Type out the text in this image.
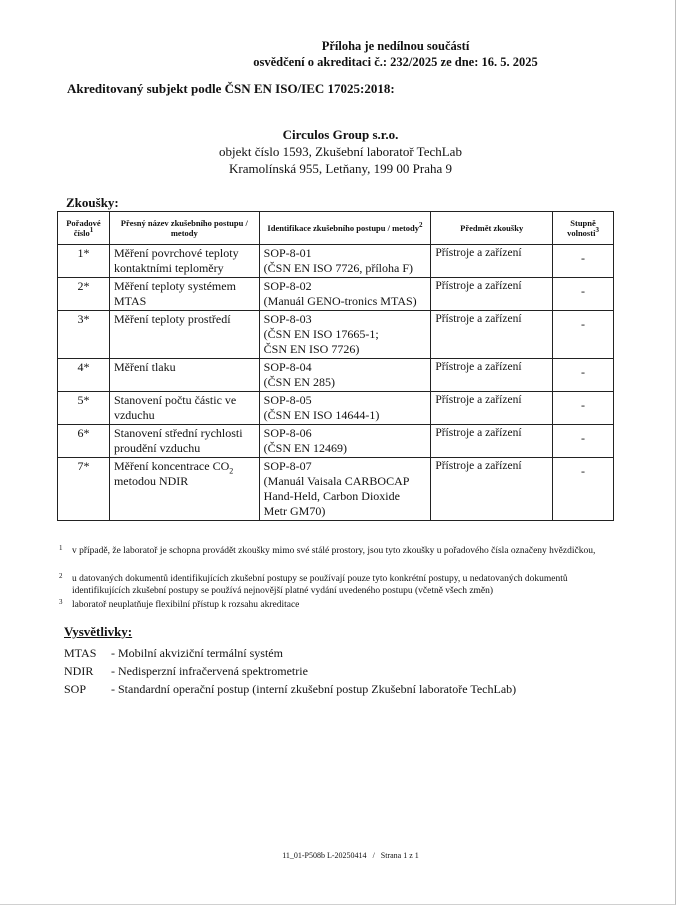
Příloha je nedílnou součástí
osvědčení o akreditaci č.: 232/2025 ze dne: 16. 5. 2025
Akreditovaný subjekt podle ČSN EN ISO/IEC 17025:2018:
Circulos Group s.r.o.
objekt číslo 1593, Zkušební laboratoř TechLab
Kramolínská 955, Letňany, 199 00 Praha 9
Zkoušky:
Pořadové číslo$^1$	Přesný název zkušebního postupu / metody	Identifikace zkušebního postupu / metody$^2$	Předmět zkoušky	Stupně volnosti$^3$
1*	Měření povrchové teploty kontaktními teploměry	SOP-8-01
(ČSN EN ISO 7726, příloha F)	Přístroje a zařízení	-
2*	Měření teploty systémem MTAS	SOP-8-02
(Manuál GENO-tronics MTAS)	Přístroje a zařízení	-
3*	Měření teploty prostředí	SOP-8-03
(ČSN EN ISO 17665-1;
ČSN EN ISO 7726)	Přístroje a zařízení	-
4*	Měření tlaku	SOP-8-04
(ČSN EN 285)	Přístroje a zařízení	-
5*	Stanovení počtu částic ve vzduchu	SOP-8-05
(ČSN EN ISO 14644-1)	Přístroje a zařízení	-
6*	Stanovení střední rychlosti proudění vzduchu	SOP-8-06
(ČSN EN 12469)	Přístroje a zařízení	-
7*	Měření koncentrace $CO_2$ metodou NDIR	SOP-8-07
(Manuál Vaisala CARBOCAP
Hand-Held, Carbon Dioxide
Metr GM70)	Přístroje a zařízení	-
1 v případě, že laboratoř je schopna provádět zkoušky mimo své stálé prostory, jsou tyto zkoušky u pořadového čísla označeny hvězdičkou,
2 u datovaných dokumentů identifikujících zkušební postupy se používají pouze tyto konkrétní postupy, u nedatovaných dokumentů identifikujících zkušební postupy se používá nejnovější platné vydání uvedeného postupu (včetně všech změn)
3 laboratoř neuplatňuje flexibilní přístup k rozsahu akreditace
Vysvětlivky:
MTAS - Mobilní akviziční termální systém
NDIR - Nedisperzní infračervená spektrometrie
SOP - Standardní operační postup (interní zkušební postup Zkušební laboratoře TechLab)
11_01-P508b L-20250414 / Strana 1 z 1
